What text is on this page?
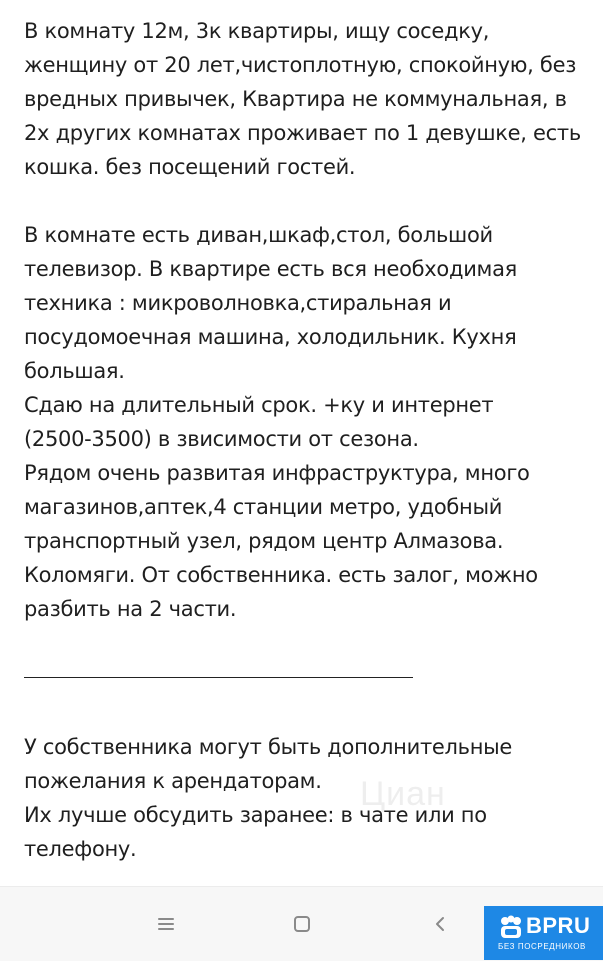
В комнату 12м, 3к квартиры, ищу соседку,
женщину от 20 лет,чистоплотную, спокойную, без
вредных привычек, Квартира не коммунальная, в
2х других комнатах проживает по 1 девушке, есть
кошка. без посещений гостей.

В комнате есть диван,шкаф,стол, большой
телевизор. В квартире есть вся необходимая
техника : микроволновка,стиральная и
посудомоечная машина, холодильник. Кухня
большая.
Сдаю на длительный срок. +ку и интернет
(2500-3500) в звисимости от сезона.
Рядом очень развитая инфраструктура, много
магазинов,аптек,4 станции метро, удобный
транспортный узел, рядом центр Алмазова.
Коломяги. От собственника. есть залог, можно
разбить на 2 части.

Циан

У собственника могут быть дополнительные
пожелания к арендаторам.
Их лучше обсудить заранее: в чате или по
телефону.

BPRU
БЕЗ ПОСРЕДНИКОВ
